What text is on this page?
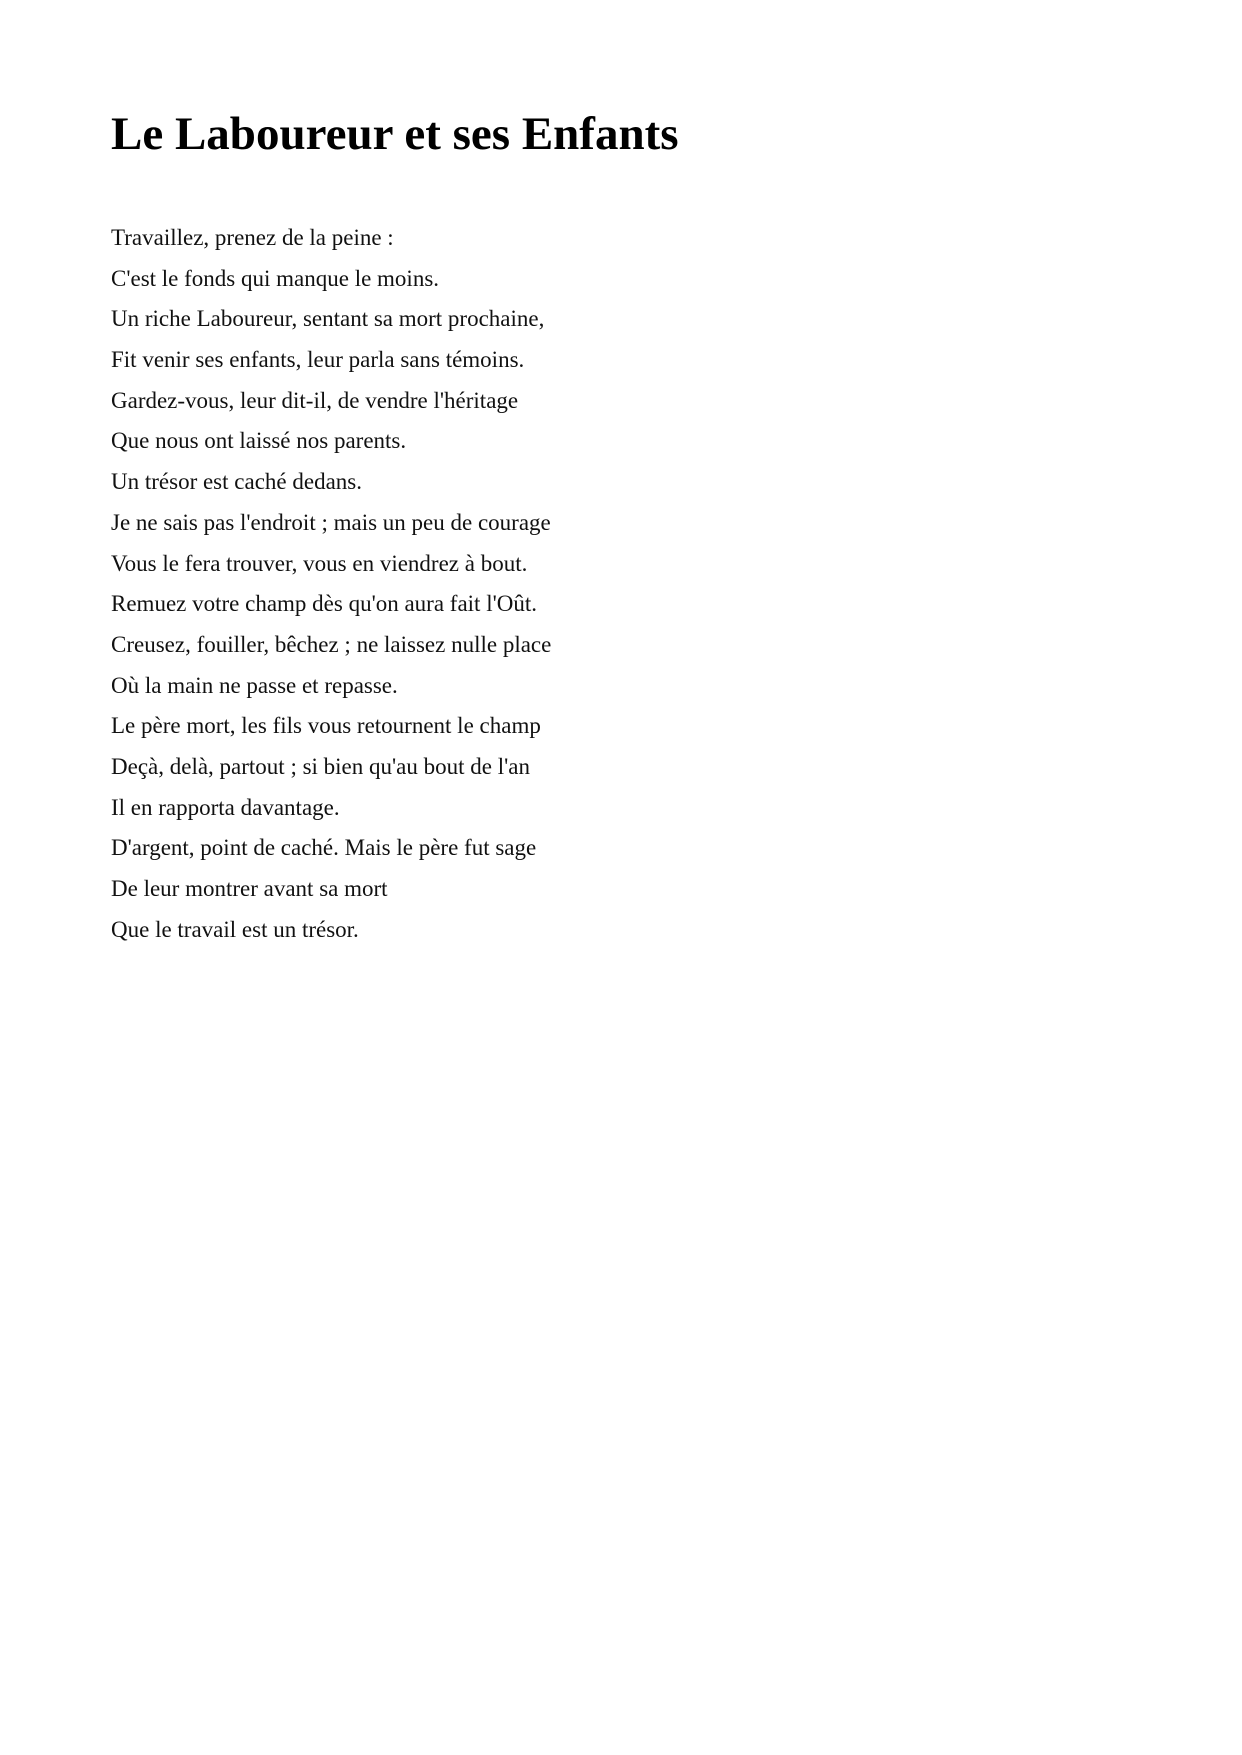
Le Laboureur et ses Enfants
Travaillez, prenez de la peine :
C'est le fonds qui manque le moins.
Un riche Laboureur, sentant sa mort prochaine,
Fit venir ses enfants, leur parla sans témoins.
Gardez-vous, leur dit-il, de vendre l'héritage
Que nous ont laissé nos parents.
Un trésor est caché dedans.
Je ne sais pas l'endroit ; mais un peu de courage
Vous le fera trouver, vous en viendrez à bout.
Remuez votre champ dès qu'on aura fait l'Oût.
Creusez, fouiller, bêchez ; ne laissez nulle place
Où la main ne passe et repasse.
Le père mort, les fils vous retournent le champ
Deçà, delà, partout ; si bien qu'au bout de l'an
Il en rapporta davantage.
D'argent, point de caché. Mais le père fut sage
De leur montrer avant sa mort
Que le travail est un trésor.
